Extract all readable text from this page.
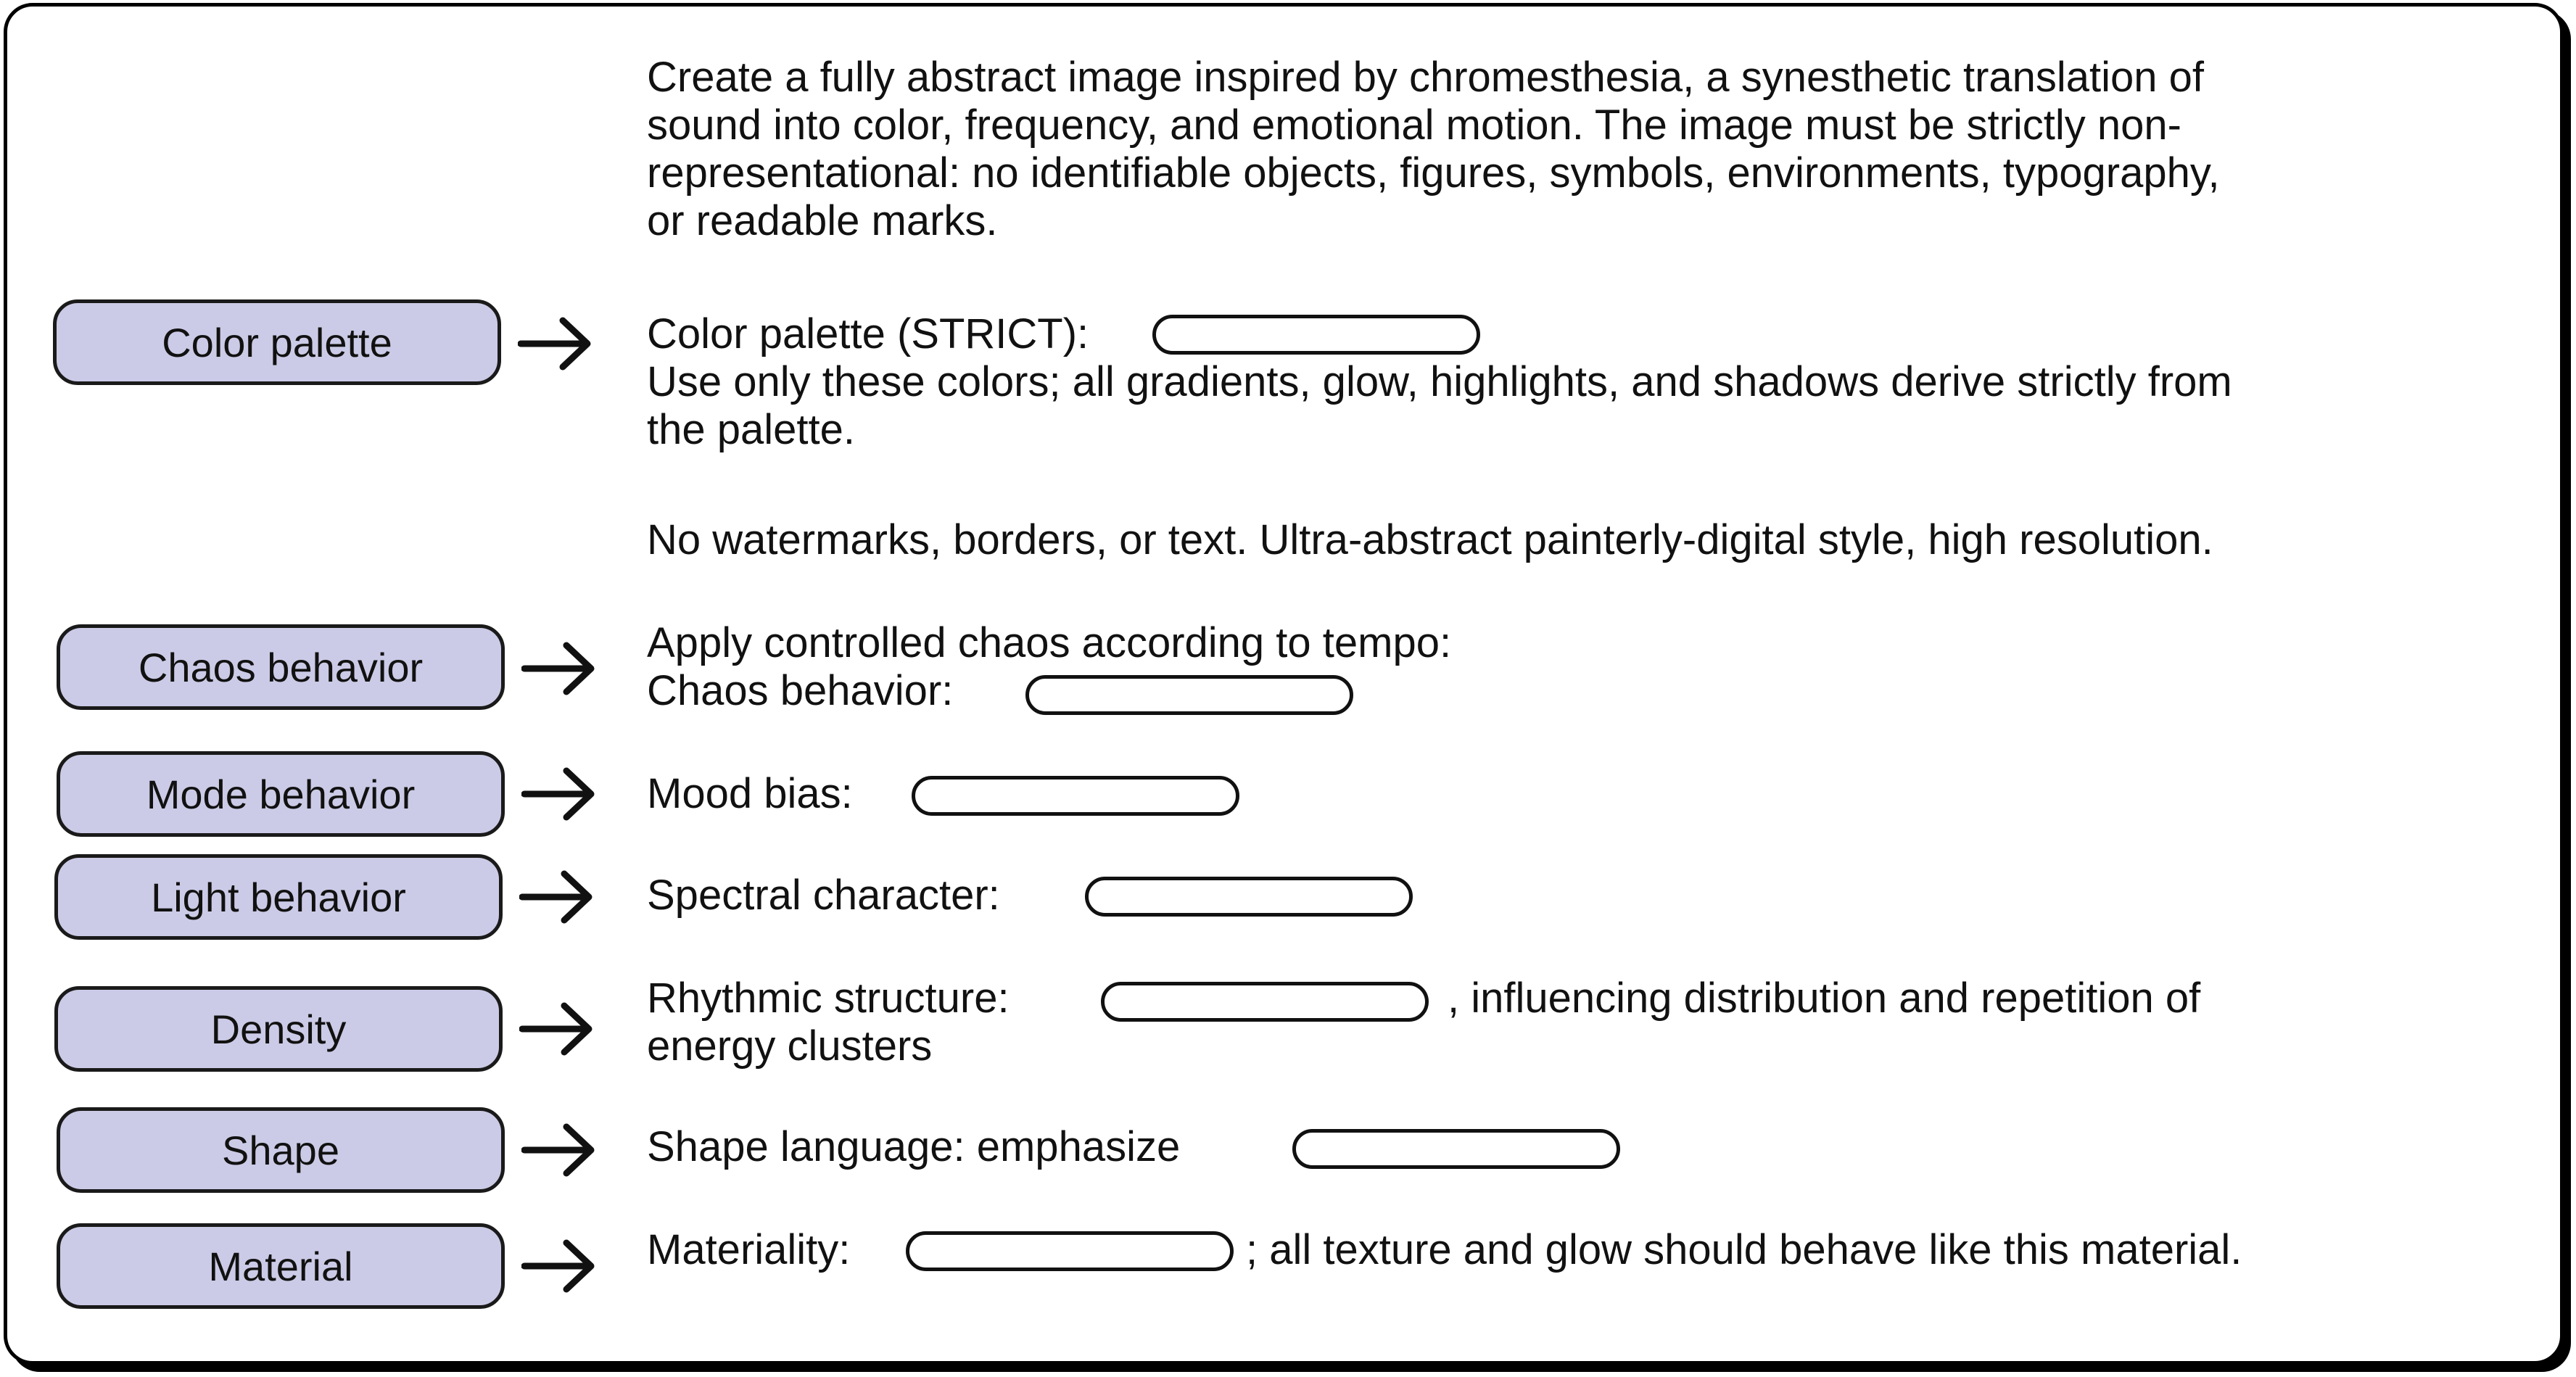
Create a fully abstract image inspired by chromesthesia, a synesthetic translation of
sound into color, frequency, and emotional motion. The image must be strictly non-
representational: no identifiable objects, figures, symbols, environments, typography,
or readable marks.
Color palette	Color palette (STRICT):
Use only these colors; all gradients, glow, highlights, and shadows derive strictly from
the palette.
No watermarks, borders, or text. Ultra-abstract painterly-digital style, high resolution.
Chaos behavior
Apply controlled chaos according to tempo:
Chaos behavior:
Mode behavior	Mood bias:
Light behavior	Spectral character:
Density
Rhythmic structure:	, influencing distribution and repetition of
energy clusters
Shape	Shape language: emphasize
Material	Materiality:	; all texture and glow should behave like this material.
